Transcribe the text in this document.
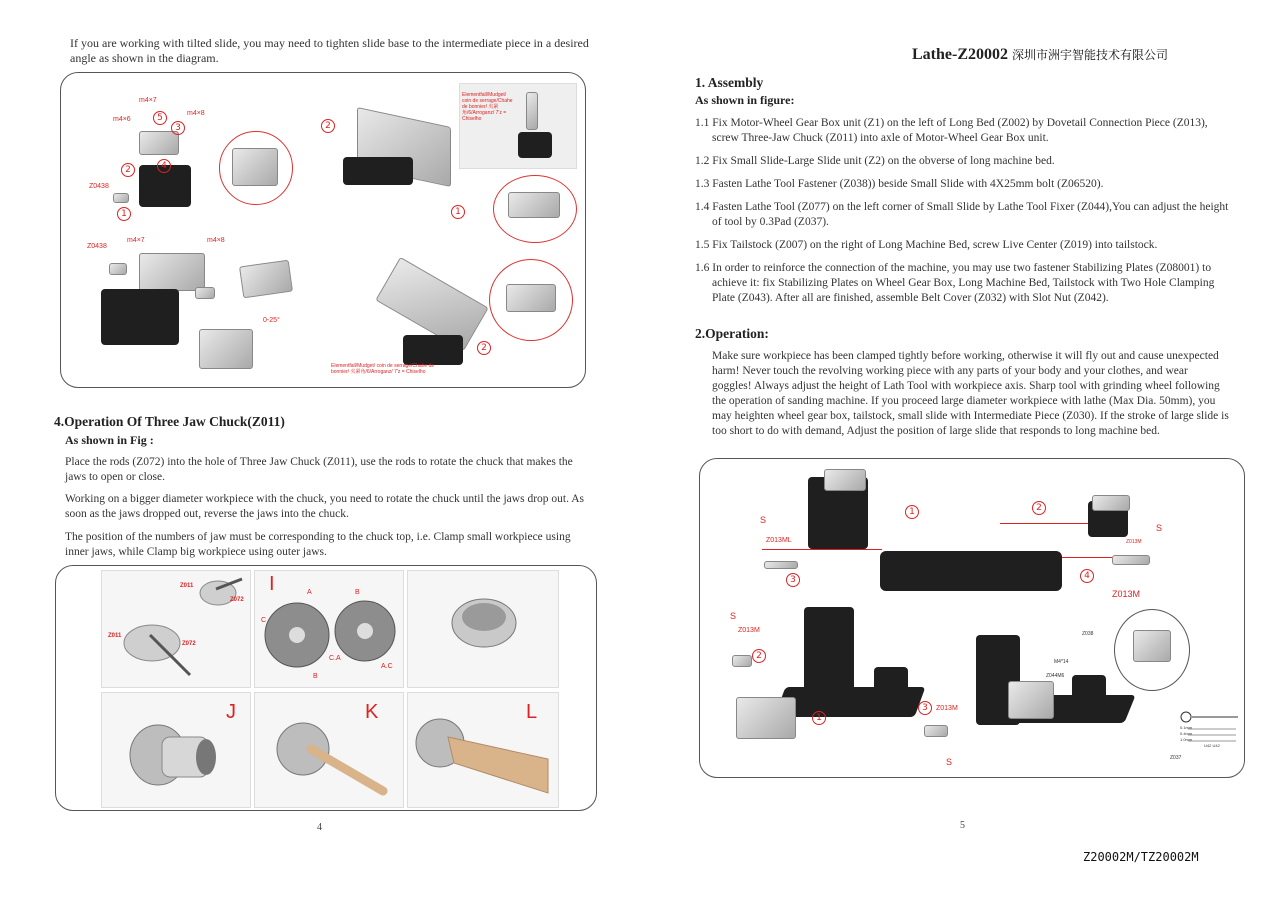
If you are working with tilted slide, you may need to tighten slide base to the intermediate piece in a desired angle as shown in the diagram.

m4×7
m4×8
m4×6
Z0438
5
3
4
2
1
2
Elementfall/Mudget/ coin de serrage/Chahe de bonnier/ 夹紧角/6/Arroganz/ 7'z = Chiselho
1
Z0438
m4×7	m4×8
0-25°
Elementfall/Mudget/ coin de serrage/Chahe de bonnier/ 夹紧角/6/Arroganz/ 7'z = Chiselho
2
4.Operation Of Three Jaw Chuck(Z011)
As shown in Fig :

Place the rods (Z072) into the hole of Three Jaw Chuck (Z011), use the rods to rotate the chuck that makes the jaws to open or close.

Working on a bigger diameter workpiece with the chuck, you need to rotate the chuck until the jaws drop out. As soon as the jaws dropped out, reverse the jaws into the chuck.

The position of the numbers of jaw must be corresponding to the chuck top, i.e. Clamp small workpiece using inner jaws, while Clamp big workpiece using outer jaws.

Z011
Z072
Z011
Z072
I	A	B
C
C.A
B
A.C
J	K	L
4
Lathe-Z20002 深圳市洲宇智能技术有限公司
1. Assembly
As shown in figure:

1.1 Fix Motor-Wheel Gear Box unit (Z1) on the left of Long Bed (Z002) by Dovetail Connection Piece (Z013), screw Three-Jaw Chuck (Z011) into axle of Motor-Wheel Gear Box unit.

1.2 Fix Small Slide-Large Slide unit (Z2) on the obverse of long machine bed.

1.3 Fasten Lathe Tool Fastener (Z038)) beside Small Slide with 4X25mm bolt (Z06520).

1.4 Fasten Lathe Tool (Z077) on the left corner of Small Slide by Lathe Tool Fixer (Z044),You can adjust the height of tool by 0.3Pad (Z037).

1.5 Fix Tailstock (Z007) on the right of Long Machine Bed, screw Live Center (Z019) into tailstock.

1.6 In order to reinforce the connection of the machine, you may use two fastener Stabilizing Plates (Z08001) to achieve it: fix Stabilizing Plates on Wheel Gear Box, Long Machine Bed, Tailstock with Two Hole Clamping Plate (Z043). After all are finished, assemble Belt Cover (Z032) with Slot Nut (Z042).

2.Operation:

Make sure workpiece has been clamped tightly before working, otherwise it will fly out and cause unexpected harm! Never touch the revolving working piece with any parts of your body and your clothes, and wear goggles! Always adjust the height of Lath Tool with workpiece axis. Sharp tool with grinding wheel following the operation of sanding machine. If you proceed large diameter workpiece with lathe (Max Dia. 50mm), you may heighten wheel gear box, tailstock, small slide with Intermediate Piece (Z030). If the stroke of large slide is too short to do with demand, Adjust the position of large slide that responds to long machine bed.

1	2
3	4
S
Z013ML	Z013M
S
Z013M
S
Z013M
2
1
3	Z013M
S
Z038
M4*14
Z044M6
0.1mm
0.4mm
1.0mm
U42 U42
Z037
5
Z20002M/TZ20002M
